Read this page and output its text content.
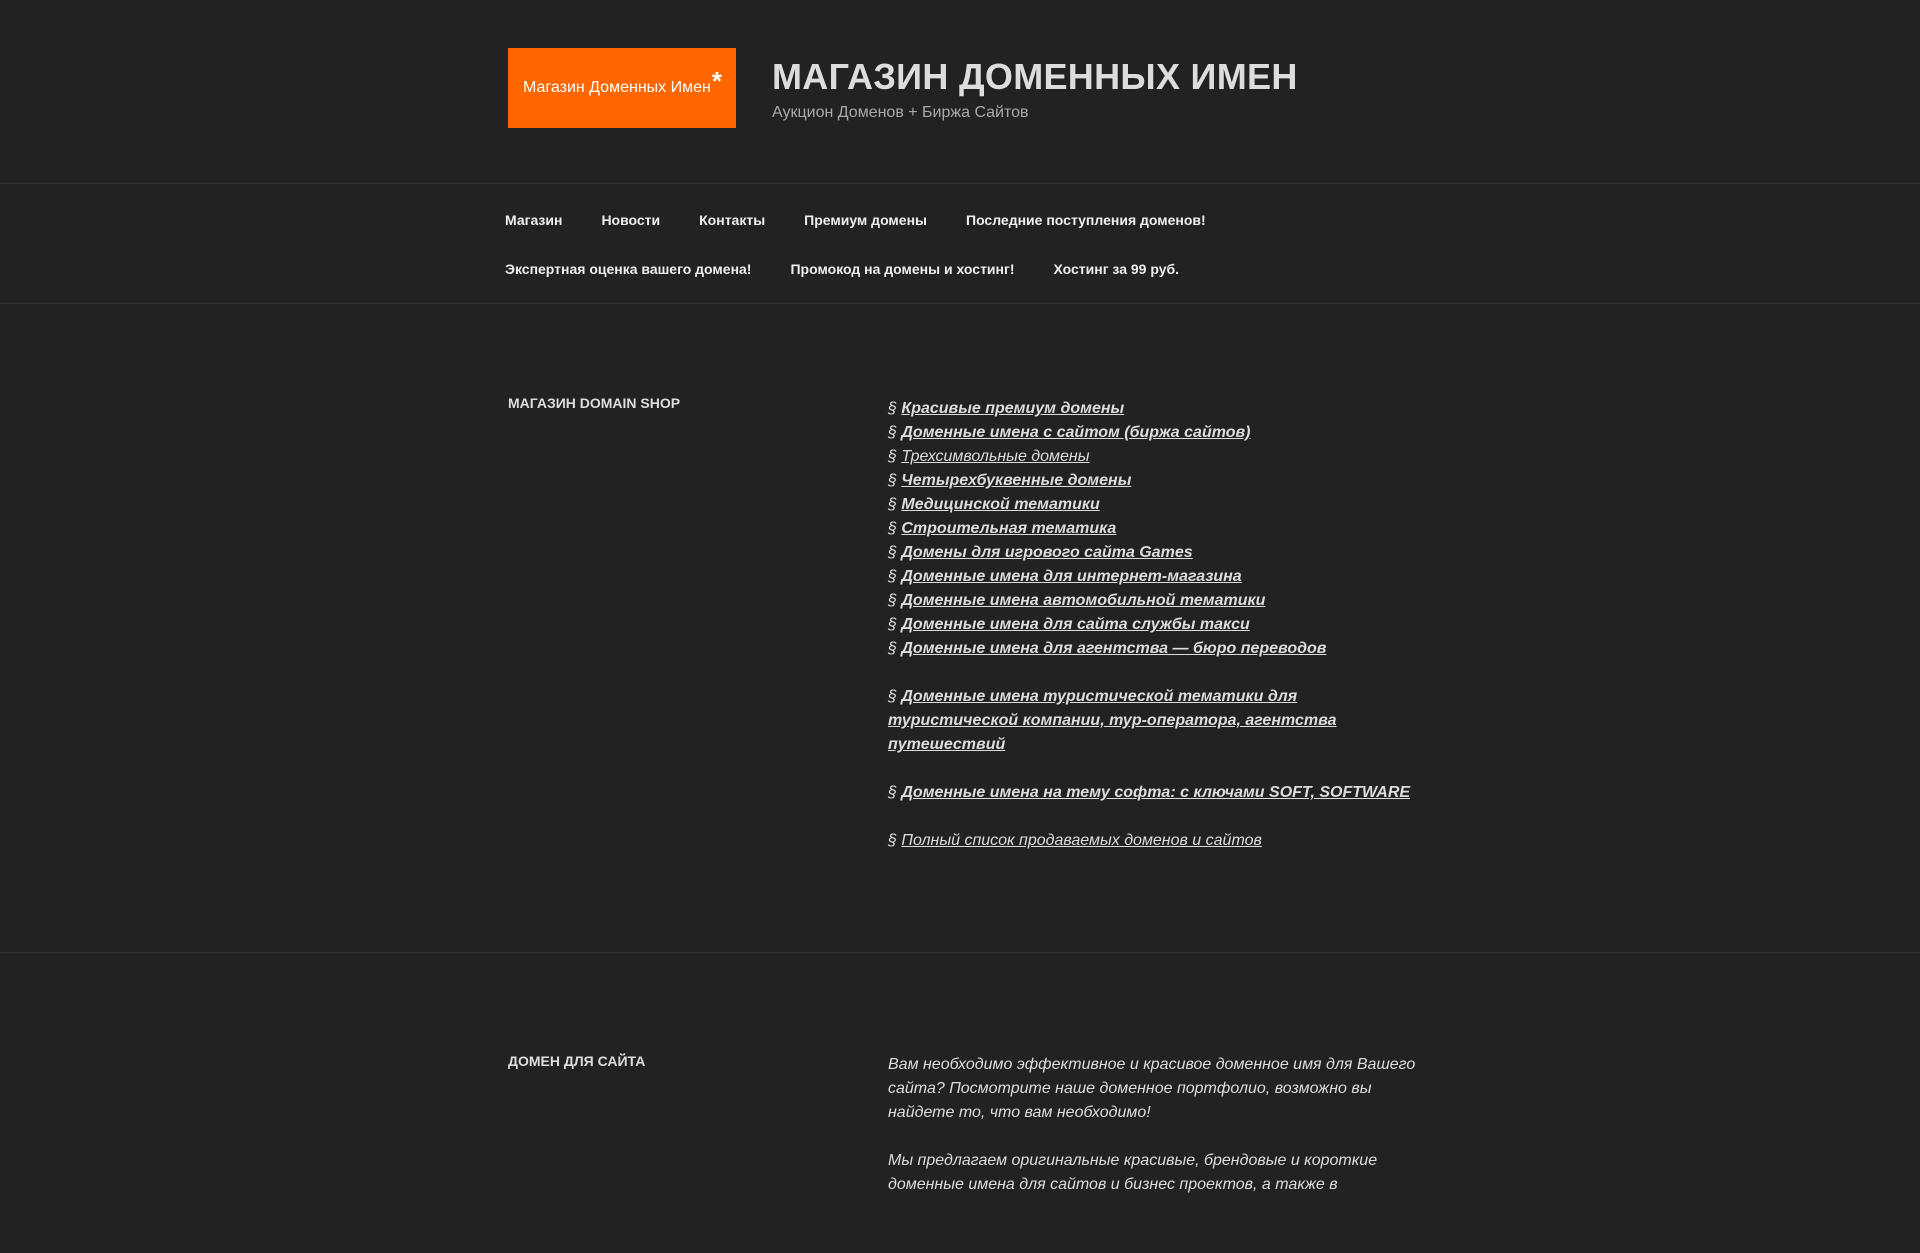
Магазин Доменных Имен * МАГАЗИН ДОМЕННЫХ ИМЕН
Аукцион Доменов + Биржа Сайтов
Магазин	Новости	Контакты	Премиум домены	Последние поступления доменов!
Экспертная оценка вашего домена!	Промокод на домены и хостинг!	Хостинг за 99 руб.
МАГАЗИН DOMAIN SHOP	§ Красивые премиум домены
§ Доменные имена с сайтом (биржа сайтов)
§ Трехсимвольные домены
§ Четырехбуквенные домены
§ Медицинской тематики
§ Строительная тематика
§ Домены для игрового сайта Games
§ Доменные имена для интернет-магазина
§ Доменные имена автомобильной тематики
§ Доменные имена для сайта службы такси
§ Доменные имена для агентства — бюро переводов
§ Доменные имена туристической тематики для туристической компании, тур-оператора, агентства путешествий
§ Доменные имена на тему софта: с ключами SOFT, SOFTWARE
§ Полный список продаваемых доменов и сайтов
ДОМЕН ДЛЯ САЙТА	Вам необходимо эффективное и красивое доменное имя для Вашего сайта? Посмотрите наше доменное портфолио, возможно вы найдете то, что вам необходимо!

Мы предлагаем оригинальные красивые, брендовые и короткие доменные имена для сайтов и бизнес проектов, а также в
